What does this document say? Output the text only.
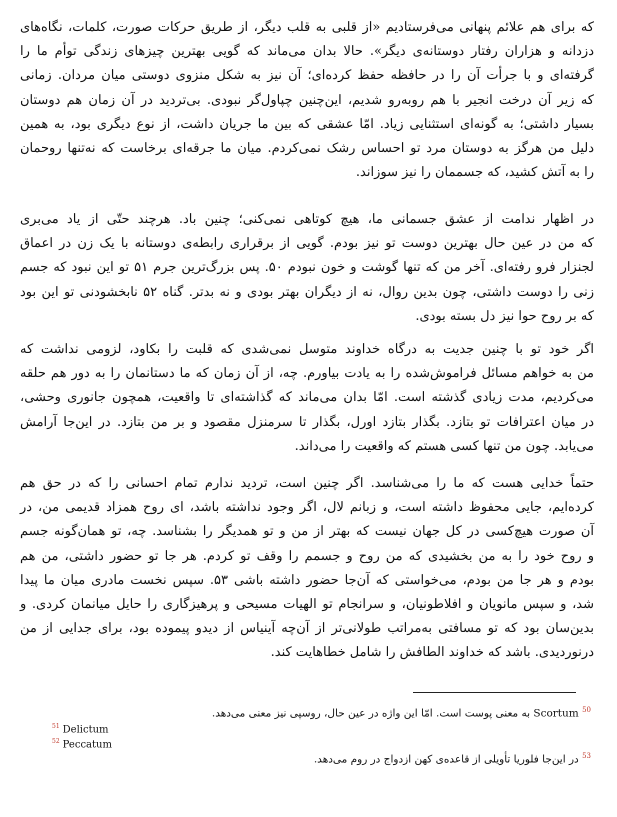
که برای هم علائم پنهانی می‌فرستادیم «از قلبی به قلب دیگر، از طریق حرکات صورت، کلمات، نگاه‌های
دزدانه و هزاران رفتار دوستانه‌ی دیگر». حالا بدان می‌ماند که گویی بهترین چیزهای زندگی توأم ما را
گرفته‌ای و با جرأت آن را در حافظه حفظ کرده‌ای؛ آن نیز به شکل منزوی دوستی میان مردان. زمانی
که زیر آن درخت انجیر با هم روبه‌رو شدیم، این‌چنین چپاول‌گر نبودی. بی‌تردید در آن زمان هم دوستان
بسیار داشتی؛ به گونه‌ای استثنایی زیاد. امّا عشقی که بین ما جریان داشت، از نوع دیگری بود، به همین
دلیل من هرگز به دوستان مرد تو احساس رشک نمی‌کردم. میان ما جرقه‌ای برخاست که نه‌تنها روحمان
را به آتش کشید، که جسممان را نیز سوزاند.

در اظهار ندامت از عشق جسمانی ما، هیچ کوتاهی نمی‌کنی؛ چنین باد. هرچند حتّی از یاد می‌بری
که من در عین حال بهترین دوست تو نیز بودم. گویی از برقراری رابطه‌ی دوستانه با یک زن در اعماق
لجنزار فرو رفته‌ای. آخر من که تنها گوشت و خون نبودم ۵۰. پس بزرگ‌ترین جرم ۵۱ تو این نبود که جسم
زنی را دوست داشتی، چون بدین روال، نه از دیگران بهتر بودی و نه بدتر. گناه ۵۲ نابخشودنی تو این بود
که بر روح حوا نیز دل بسته بودی.

اگر خود تو با چنین جدیت به درگاه خداوند متوسل نمی‌شدی که قلبت را بکاود، لزومی نداشت که
من به خواهم مسائل فراموش‌شده را به یادت بیاورم. چه، از آن زمان که ما دستانمان را به دور هم حلقه
می‌کردیم، مدت زیادی گذشته است. امّا بدان می‌ماند که گذاشته‌ای تا واقعیت، همچون جانوری وحشی،
در میان اعترافات تو بتازد. بگذار بتازد اورل، بگذار تا سرمنزل مقصود و بر من بتازد. در این‌جا آرامش
می‌یابد. چون من تنها کسی هستم که واقعیت را می‌داند.

حتماً خدایی هست که ما را می‌شناسد. اگر چنین است، تردید ندارم تمام احسانی را که در حق هم
کرده‌ایم، جایی محفوظ داشته است، و زبانم لال، اگر وجود نداشته باشد، ای روح همزاد قدیمی من، در
آن صورت هیچ‌کسی در کل جهان نیست که بهتر از من و تو همدیگر را بشناسد. چه، تو همان‌گونه جسم
و روح خود را به من بخشیدی که من روح و جسمم را وقف تو کردم. هر جا تو حضور داشتی، من هم
بودم و هر جا من بودم، می‌خواستی که آن‌جا حضور داشته باشی ۵۳. سپس نخست مادری میان ما پیدا
شد، و سپس مانویان و افلاطونیان، و سرانجام تو الهیات مسیحی و پرهیزگاری را حایل میانمان کردی. و
بدین‌سان بود که تو مسافتی به‌مراتب طولانی‌تر از آن‌چه آینیاس از دیدو پیموده بود، برای جدایی از من
درنوردیدی. باشد که خداوند الطافش را شامل خطاهایت کند.

$^{50}$ Scortum به معنی پوست است. امّا این واژه در عین حال، روسپی نیز معنی می‌دهد.
$^{51}$ Delictum
$^{52}$ Peccatum
$^{53}$ در این‌جا فلوریا تأویلی از قاعده‌ی کهن ازدواج در روم می‌دهد.
